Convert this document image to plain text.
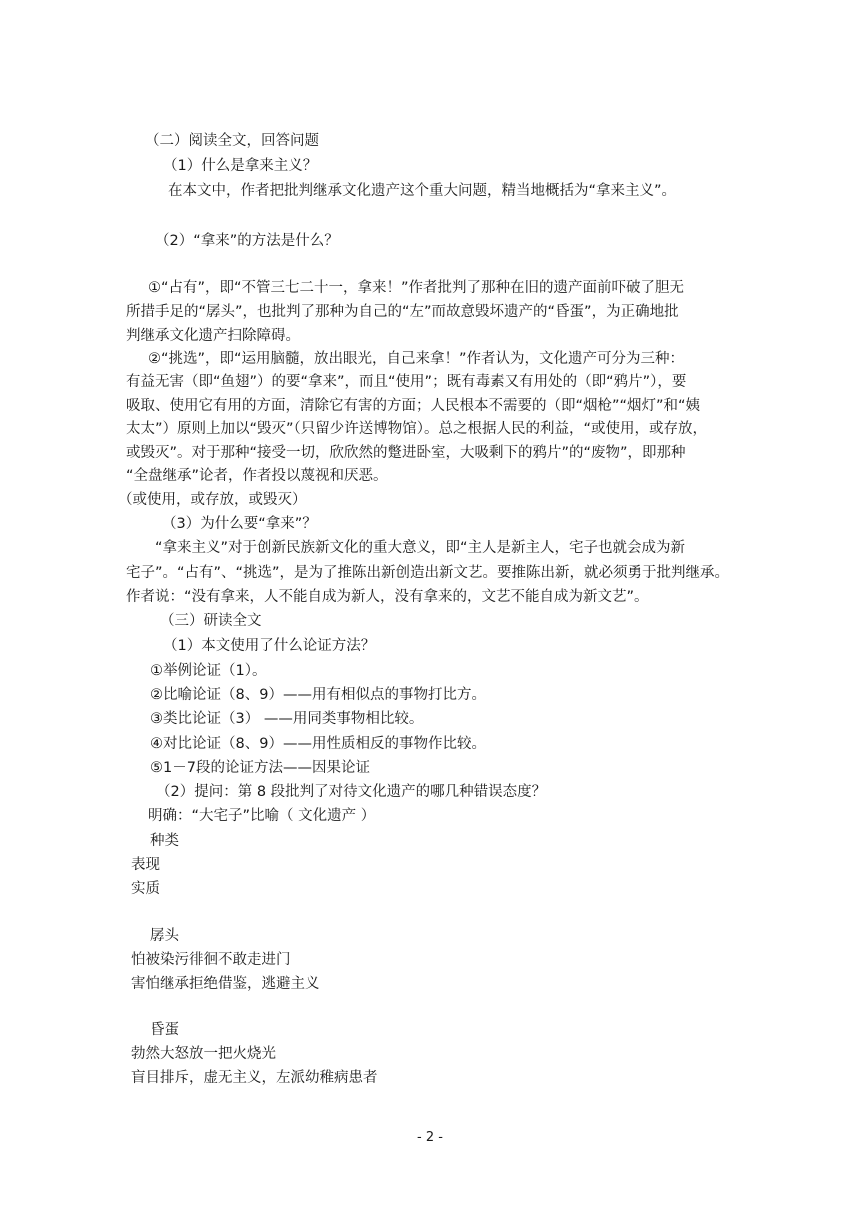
（二）阅读全文，回答问题
（1）什么是拿来主义？
在本文中，作者把批判继承文化遗产这个重大问题，精当地概括为“拿来主义”。
（2）“拿来”的方法是什么？
①“占有”，即“不管三七二十一，拿来！”作者批判了那种在旧的遗产面前吓破了胆无
所措手足的“孱头”，也批判了那种为自己的“左”而故意毁坏遗产的“昏蛋”，为正确地批
判继承文化遗产扫除障碍。
②“挑选”，即“运用脑髓，放出眼光，自己来拿！”作者认为，文化遗产可分为三种：
有益无害（即“鱼翅”）的要“拿来”，而且“使用”；既有毒素又有用处的（即“鸦片”），要
吸取、使用它有用的方面，清除它有害的方面；人民根本不需要的（即“烟枪”“烟灯”和“姨
太太”）原则上加以“毁灭”（只留少许送博物馆）。总之根据人民的利益，“或使用，或存放，
或毁灭”。对于那种“接受一切，欣欣然的蹩进卧室，大吸剩下的鸦片”的“废物”，即那种
“全盘继承”论者，作者投以蔑视和厌恶。
（或使用，或存放，或毁灭）
（3）为什么要“拿来”？
“拿来主义”对于创新民族新文化的重大意义，即“主人是新主人，宅子也就会成为新
宅子”。“占有”、“挑选”，是为了推陈出新创造出新文艺。要推陈出新，就必须勇于批判继承。
作者说：“没有拿来，人不能自成为新人，没有拿来的，文艺不能自成为新文艺”。
（三）研读全文
（1）本文使用了什么论证方法？
①举例论证（1）。
②比喻论证（8、9）——用有相似点的事物打比方。
③类比论证（3） ——用同类事物相比较。
④对比论证（8、9）——用性质相反的事物作比较。
⑤1－7段的论证方法——因果论证
（2）提问：第 8 段批判了对待文化遗产的哪几种错误态度？
明确：“大宅子”比喻（ 文化遗产 ）
种类
表现
实质
孱头
怕被染污徘徊不敢走进门
害怕继承拒绝借鉴，逃避主义
昏蛋
勃然大怒放一把火烧光
盲目排斥，虚无主义，左派幼稚病患者
- 2 -
